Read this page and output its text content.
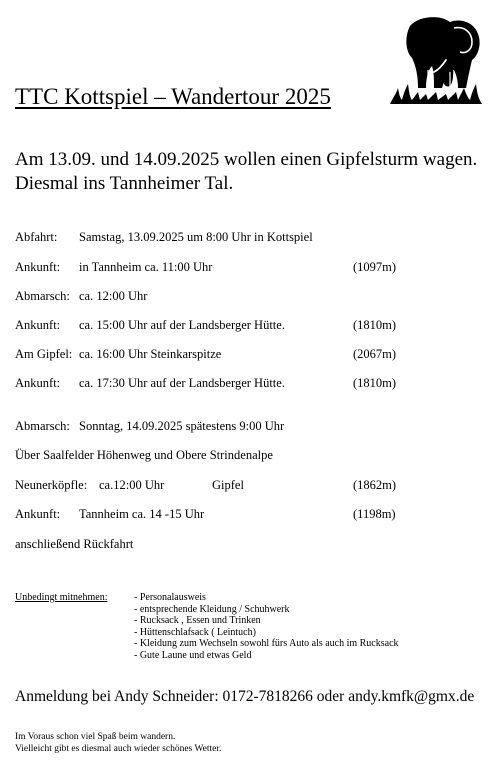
TTC Kottspiel – Wandertour 2025
Am 13.09. und 14.09.2025 wollen einen Gipfelsturm wagen.
Diesmal ins Tannheimer Tal.
Abfahrt: Samstag, 13.09.2025 um 8:00 Uhr in Kottspiel
Ankunft: in Tannheim ca. 11:00 Uhr	(1097m)
Abmarsch: ca. 12:00 Uhr
Ankunft: ca. 15:00 Uhr auf der Landsberger Hütte.	(1810m)
Am Gipfel: ca. 16:00 Uhr Steinkarspitze	(2067m)
Ankunft: ca. 17:30 Uhr auf der Landsberger Hütte.	(1810m)
Abmarsch: Sonntag, 14.09.2025 spätestens 9:00 Uhr
Über Saalfelder Höhenweg und Obere Strindenalpe
Neunerköpfle: ca.12:00 Uhr	Gipfel	(1862m)
Ankunft: Tannheim ca. 14 -15 Uhr	(1198m)
anschließend Rückfahrt
Unbedingt mitnehmen:	- Personalausweis
- entsprechende Kleidung / Schuhwerk
- Rucksack , Essen und Trinken
- Hüttenschlafsack ( Leintuch)
- Kleidung zum Wechseln sowohl fürs Auto als auch im Rucksack
- Gute Laune und etwas Geld
Anmeldung bei Andy Schneider: 0172-7818266 oder andy.kmfk@gmx.de
Im Voraus schon viel Spaß beim wandern.
Vielleicht gibt es diesmal auch wieder schönes Wetter.
